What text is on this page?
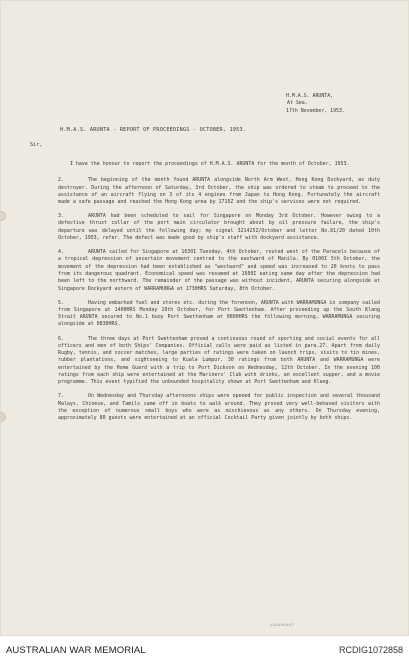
H.M.A.S. ARUNTA,
At Sea.
17th November, 1953.
H.M.A.S. ARUNTA - REPORT OF PROCEEDINGS - OCTOBER, 1953.
Sir,

I have the honour to report the proceedings of H.M.A.S. ARUNTA for the month of October, 1953.

2.	The beginning of the month found ARUNTA alongside North Arm West, Hong Kong Dockyard, as duty destroyer. During the afternoon of Saturday, 3rd October, the ship was ordered to steam to proceed to the assistance of an aircraft flying on 3 of its 4 engines from Japan to Hong Kong. Fortunately the aircraft made a safe passage and reached the Hong Kong area by 1715Z and the ship's services were not required.

3.	ARUNTA had been scheduled to sail for Singapore on Monday 3rd October. However owing to a defective thrust collar of the port main circulator brought about by oil pressure failure, the ship's departure was delayed until the following day; my signal 321425Z/October and letter No.81/20 dated 10th October, 1953, refer. The defect was made good by ship's staff with dockyard assistance.

4.	ARUNTA sailed for Singapore at 1630I Tuesday, 4th October, routed west of the Paracels because of a tropical depression of uncertain movement centred to the eastward of Manila. By 0100I 5th October, the movement of the depression had been established as "westward" and speed was increased to 20 knots to pass from its dangerous quadrant. Economical speed was resumed at 1600I eating same day after the depression had been left to the northward. The remainder of the passage was without incident, ARUNTA securing alongside at Singapore Dockyard astern of WARRAMUNGA at 1730HRS Saturday, 8th October.

5.	Having embarked fuel and stores etc. during the forenoon, ARUNTA with WARRAMUNGA in company sailed from Singapore at 1400HRS Monday 10th October, for Port Swettenham. After proceeding up the South Klang Strait ARUNTA secured to No.1 buoy Port Swettenham at 0800HRS the following morning, WARRAMUNGA securing alongside at 0830HRS.

6.	The three days at Port Swettenham proved a continuous round of sporting and social events for all officers and men of both Ships' Companies. Official calls were paid as listed in para.27. Apart from daily Rugby, tennis, and soccer matches, large parties of ratings were taken on launch trips, visits to tin mines, rubber plantations, and sightseeing to Kuala Lumpur. 30 ratings from both ARUNTA and WARRAMUNGA were entertained by the Home Guard with a trip to Port Dickson on Wednesday, 12th October. In the evening 100 ratings from each ship were entertained at the Mariners' Club with drinks, an excellent supper, and a movie programme. This event typified the unbounded hospitality shown at Port Swettenham and Klang.

7.	On Wednesday and Thursday afternoons ships were opened for public inspection and several thousand Malays, Chinese, and Tamils came off in boats to walk around. They proved very well-behaved visitors with the exception of numerous small boys who were as mischievous as any others. On Thursday evening, approximately 80 guests were entertained at an official Cocktail Party given jointly by both ships.

AAAA00007
AUSTRALIAN WAR MEMORIAL	RCDIG1072858
